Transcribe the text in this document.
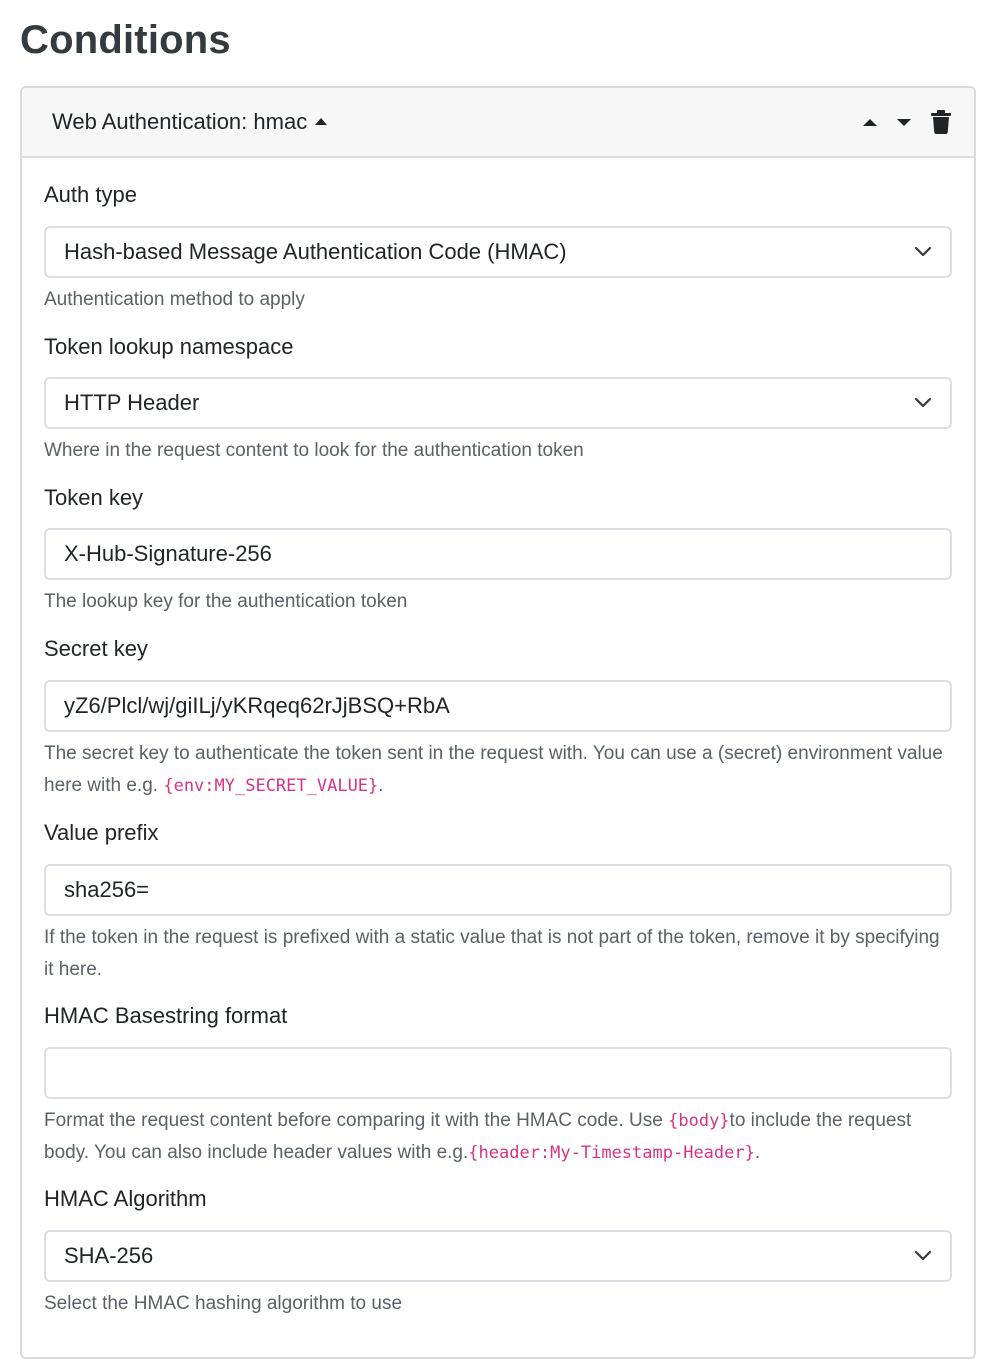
Conditions
Web Authentication: hmac
Auth type
Hash-based Message Authentication Code (HMAC)
Authentication method to apply
Token lookup namespace
HTTP Header
Where in the request content to look for the authentication token
Token key
X-Hub-Signature-256
The lookup key for the authentication token
Secret key
yZ6/Plcl/wj/giILj/yKRqeq62rJjBSQ+RbA
The secret key to authenticate the token sent in the request with. You can use a (secret) environment value here with e.g. {env:MY_SECRET_VALUE}.
Value prefix
sha256=
If the token in the request is prefixed with a static value that is not part of the token, remove it by specifying it here.
HMAC Basestring format
Format the request content before comparing it with the HMAC code. Use {body}to include the request body. You can also include header values with e.g.{header:My-Timestamp-Header}.
HMAC Algorithm
SHA-256
Select the HMAC hashing algorithm to use
